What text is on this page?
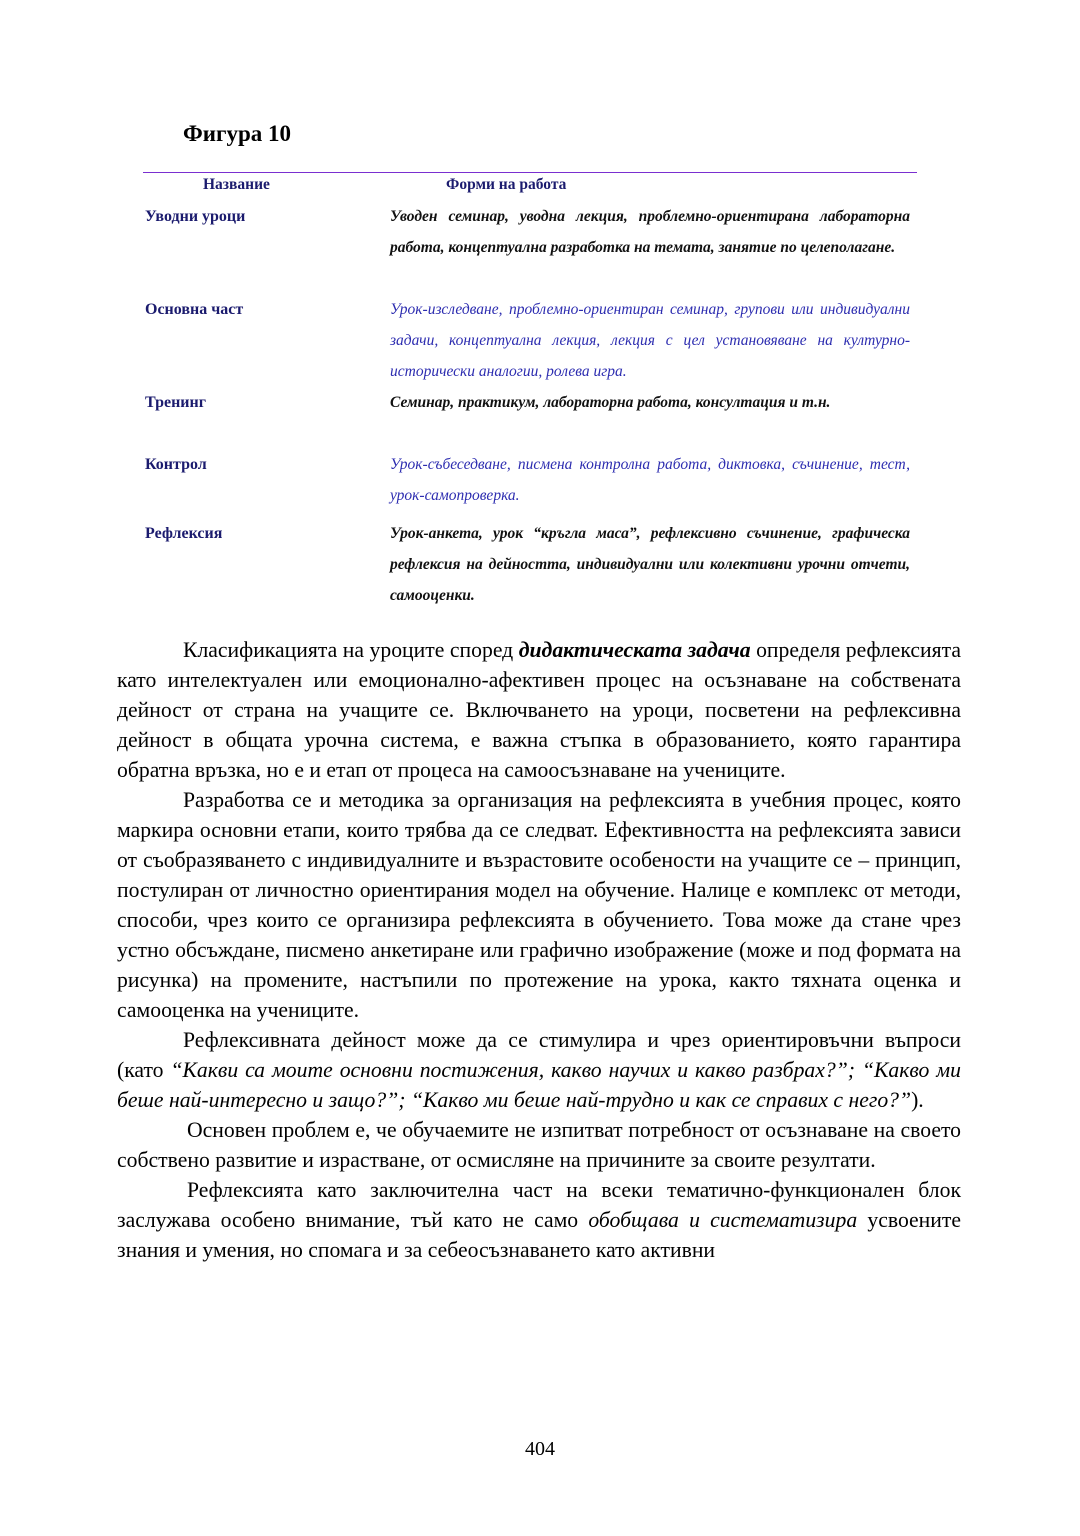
Фигура 10
Название	Форми на работа
Уводни уроци	Уводен семинар, уводна лекция, проблемно-ориентирана лабораторна работа, концептуална разработка на темата, занятие по целеполагане.
Основна част	Урок-изследване, проблемно-ориентиран семинар, групови или индивидуални задачи, концептуална лекция, лекция с цел установяване на културно-исторически аналогии, ролева игра.
Тренинг	Семинар, практикум, лабораторна работа, консултация и т.н.
Контрол	Урок-събеседване, писмена контролна работа, диктовка, съчинение, тест, урок-самопроверка.
Рефлексия	Урок-анкета, урок “кръгла маса”, рефлексивно съчинение, графическа рефлексия на дейността, индивидуални или колективни урочни отчети, самооценки.

Класификацията на уроците според дидактическата задача определя рефлексията като интелектуален или емоционално-афективен процес на осъзнаване на собствената дейност от страна на учащите се. Включването на уроци, посветени на рефлексивна дейност в общата урочна система, е важна стъпка в образованието, която гарантира обратна връзка, но е и етап от процеса на самоосъзнаване на учениците.

Разработва се и методика за организация на рефлексията в учебния процес, която маркира основни етапи, които трябва да се следват. Ефективността на рефлексията зависи от съобразяването с индивидуалните и възрастовите особености на учащите се – принцип, постулиран от личностно ориентирания модел на обучение. Налице е комплекс от методи, способи, чрез които се организира рефлексията в обучението. Това може да стане чрез устно обсъждане, писмено анкетиране или графично изображение (може и под формата на рисунка) на промените, настъпили по протежение на урока, както тяхната оценка и самооценка на учениците.

Рефлексивната дейност може да се стимулира и чрез ориентировъчни въпроси (като “Какви са моите основни постижения, какво научих и какво разбрах?”; “Какво ми беше най-интересно и защо?”; “Какво ми беше най-трудно и как се справих с него?”).

Основен проблем е, че обучаемите не изпитват потребност от осъзнаване на своето собствено развитие и израстване, от осмисляне на причините за своите резултати.

Рефлексията като заключителна част на всеки тематично-функционален блок заслужава особено внимание, тъй като не само обобщава и систематизира усвоените знания и умения, но спомага и за себеосъзнаването като активни

404
